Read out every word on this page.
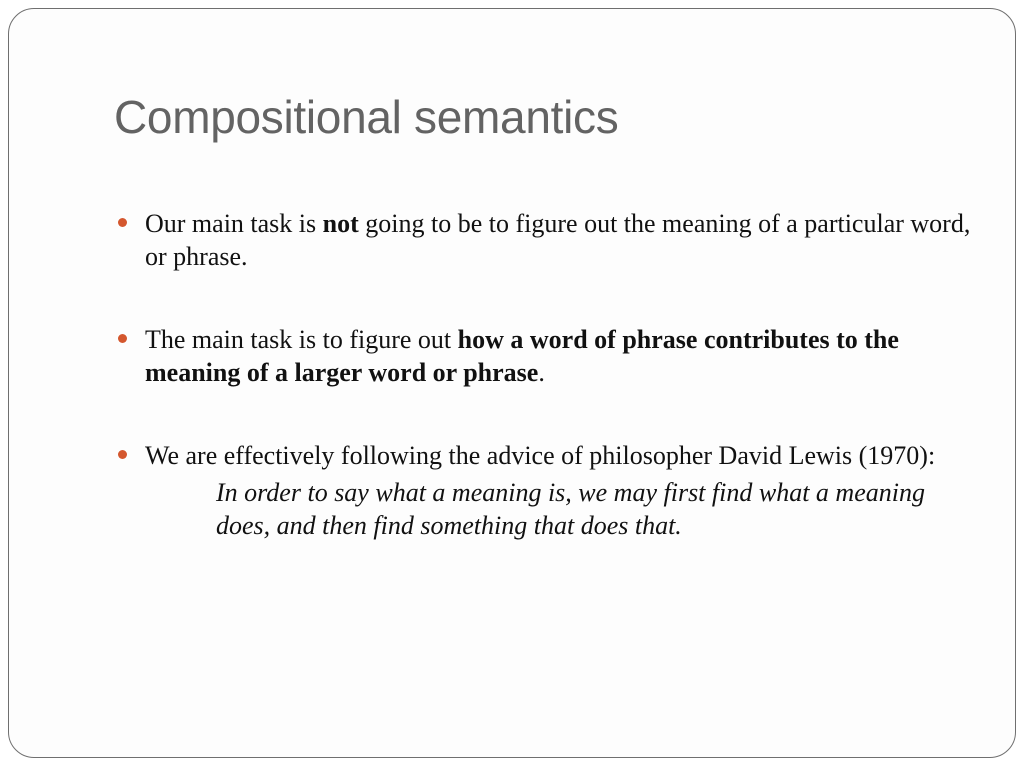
Compositional semantics
Our main task is not going to be to figure out the meaning of a particular word, or phrase.
The main task is to figure out how a word of phrase contributes to the meaning of a larger word or phrase.
We are effectively following the advice of philosopher David Lewis (1970):
In order to say what a meaning is, we may first find what a meaning does, and then find something that does that.
